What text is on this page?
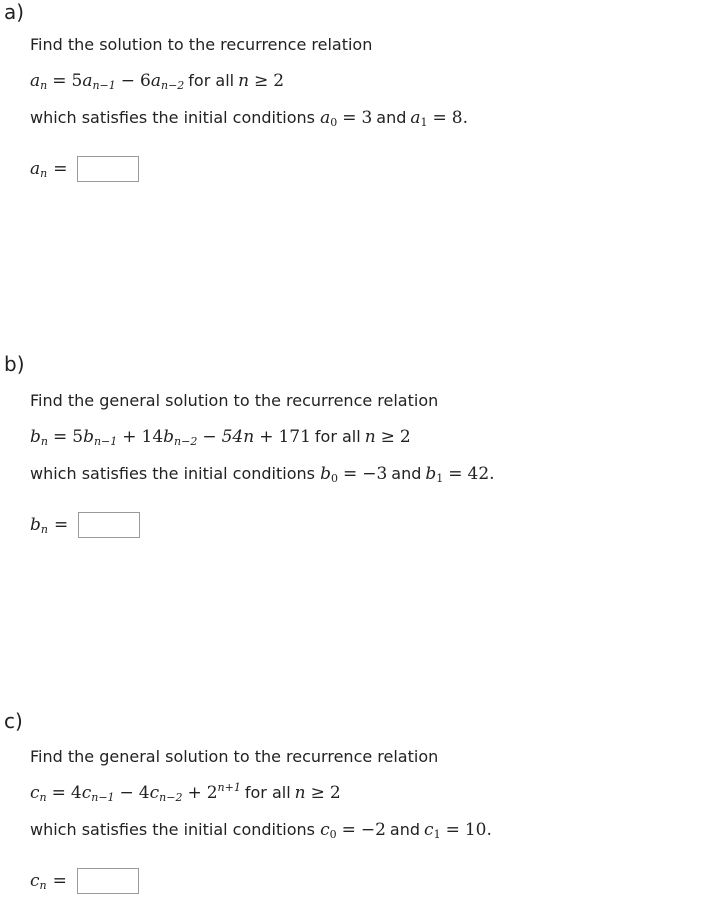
a)
Find the solution to the recurrence relation
$a_n = 5a_{n-1} - 6a_{n-2}$ for all n ≥ 2
which satisfies the initial conditions $a_0 = 3$ and $a_1 = 8$.
$a_n$ =
b)
Find the general solution to the recurrence relation
$b_n = 5b_{n-1} + 14b_{n-2} - 54n + 171$ for all n ≥ 2
which satisfies the initial conditions $b_0 = -3$ and $b_1 = 42$.
$b_n$ =
c)
Find the general solution to the recurrence relation
$c_n = 4c_{n-1} - 4c_{n-2} + 2^{n+1}$ for all n ≥ 2
which satisfies the initial conditions $c_0 = -2$ and $c_1 = 10$.
$c_n$ =
